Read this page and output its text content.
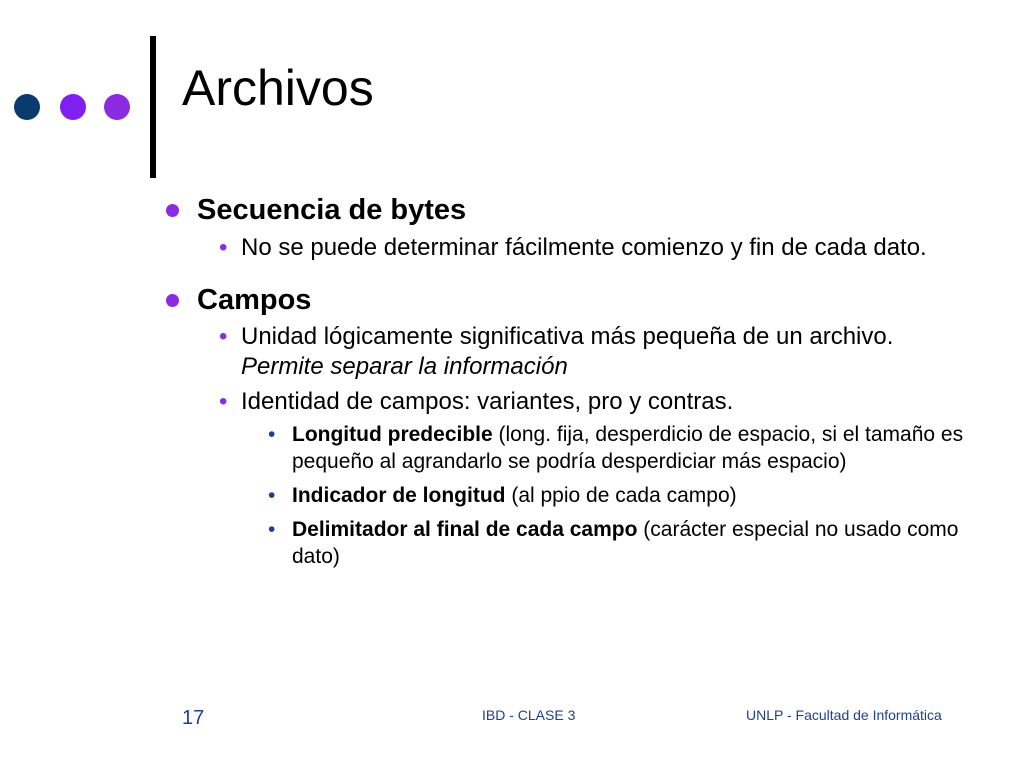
Archivos
Secuencia de bytes
• No se puede determinar fácilmente comienzo y fin de cada dato.
Campos
• Unidad lógicamente significativa más pequeña de un archivo. Permite separar la información
• Identidad de campos: variantes, pro y contras.
• Longitud predecible (long. fija, desperdicio de espacio, si el tamaño es pequeño al agrandarlo se podría desperdiciar más espacio)
• Indicador de longitud (al ppio de cada campo)
• Delimitador al final de cada campo (carácter especial no usado como dato)
17	IBD - CLASE 3	UNLP - Facultad de Informática
